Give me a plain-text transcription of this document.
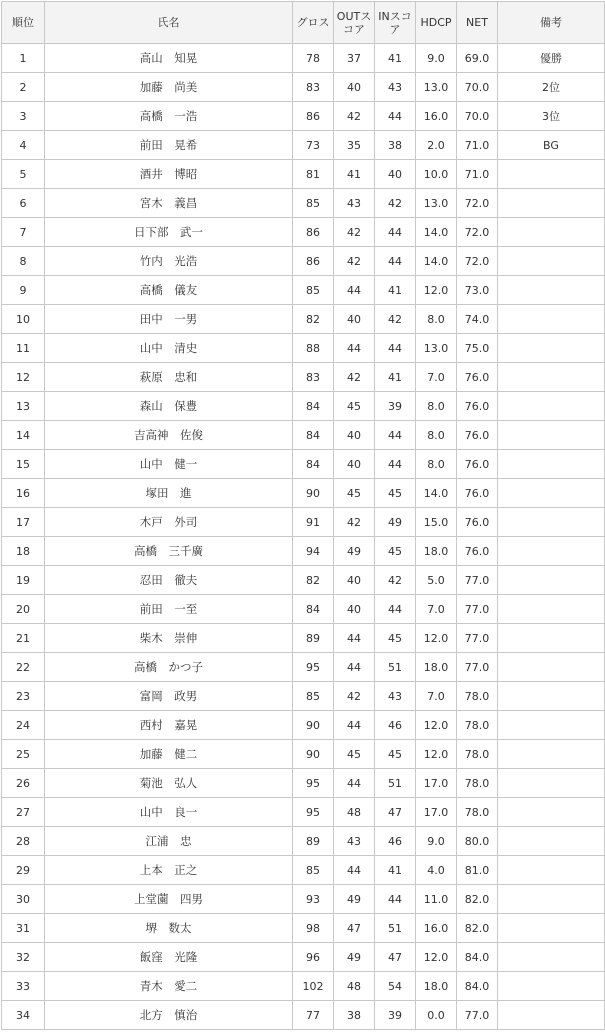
順位	氏名	グロス	OUTスコア	INスコア	HDCP	NET	備考
1	高山　知晃	78	37	41	9.0	69.0	優勝
2	加藤　尚美	83	40	43	13.0	70.0	2位
3	高橋　一浩	86	42	44	16.0	70.0	3位
4	前田　晃希	73	35	38	2.0	71.0	BG
5	酒井　博昭	81	41	40	10.0	71.0	
6	宮木　義昌	85	43	42	13.0	72.0	
7	日下部　武一	86	42	44	14.0	72.0	
8	竹内　光浩	86	42	44	14.0	72.0	
9	高橋　儀友	85	44	41	12.0	73.0	
10	田中　一男	82	40	42	8.0	74.0	
11	山中　清史	88	44	44	13.0	75.0	
12	萩原　忠和	83	42	41	7.0	76.0	
13	森山　保豊	84	45	39	8.0	76.0	
14	吉高神　佐俊	84	40	44	8.0	76.0	
15	山中　健一	84	40	44	8.0	76.0	
16	塚田　進	90	45	45	14.0	76.0	
17	木戸　外司	91	42	49	15.0	76.0	
18	高橋　三千廣	94	49	45	18.0	76.0	
19	忍田　徹夫	82	40	42	5.0	77.0	
20	前田　一至	84	40	44	7.0	77.0	
21	柴木　崇伸	89	44	45	12.0	77.0	
22	高橋　かつ子	95	44	51	18.0	77.0	
23	富岡　政男	85	42	43	7.0	78.0	
24	西村　嘉晃	90	44	46	12.0	78.0	
25	加藤　健二	90	45	45	12.0	78.0	
26	菊池　弘人	95	44	51	17.0	78.0	
27	山中　良一	95	48	47	17.0	78.0	
28	江浦　忠	89	43	46	9.0	80.0	
29	上本　正之	85	44	41	4.0	81.0	
30	上堂薗　四男	93	49	44	11.0	82.0	
31	堺　数太	98	47	51	16.0	82.0	
32	飯窪　光隆	96	49	47	12.0	84.0	
33	青木　愛二	102	48	54	18.0	84.0	
34	北方　慎治	77	38	39	0.0	77.0	
